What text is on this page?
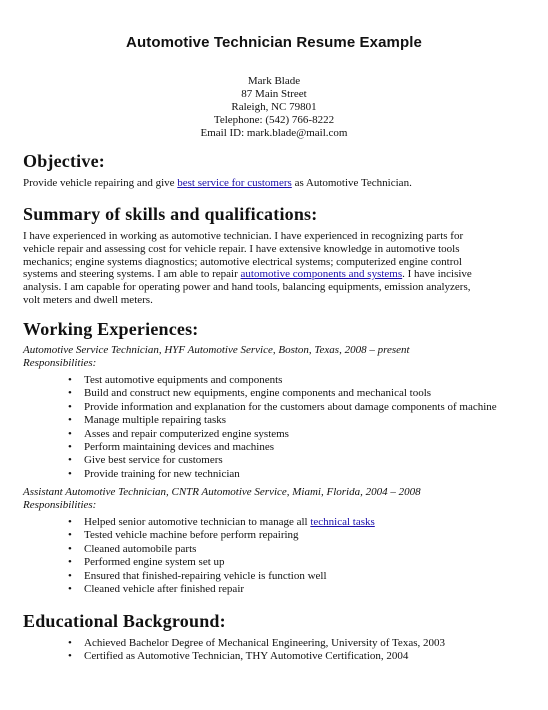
Automotive Technician Resume Example
Mark Blade
87 Main Street
Raleigh, NC 79801
Telephone: (542) 766-8222
Email ID: mark.blade@mail.com
Objective:
Provide vehicle repairing and give best service for customers as Automotive Technician.
Summary of skills and qualifications:
I have experienced in working as automotive technician. I have experienced in recognizing parts for
vehicle repair and assessing cost for vehicle repair. I have extensive knowledge in automotive tools
mechanics; engine systems diagnostics; automotive electrical systems; computerized engine control
systems and steering systems. I am able to repair automotive components and systems. I have incisive
analysis. I am capable for operating power and hand tools, balancing equipments, emission analyzers,
volt meters and dwell meters.
Working Experiences:
Automotive Service Technician, HYF Automotive Service, Boston, Texas, 2008 – present
Responsibilities:
• Test automotive equipments and components
• Build and construct new equipments, engine components and mechanical tools
• Provide information and explanation for the customers about damage components of machine
• Manage multiple repairing tasks
• Asses and repair computerized engine systems
• Perform maintaining devices and machines
• Give best service for customers
• Provide training for new technician
Assistant Automotive Technician, CNTR Automotive Service, Miami, Florida, 2004 – 2008
Responsibilities:
• Helped senior automotive technician to manage all technical tasks
• Tested vehicle machine before perform repairing
• Cleaned automobile parts
• Performed engine system set up
• Ensured that finished-repairing vehicle is function well
• Cleaned vehicle after finished repair
Educational Background:
• Achieved Bachelor Degree of Mechanical Engineering, University of Texas, 2003
• Certified as Automotive Technician, THY Automotive Certification, 2004
